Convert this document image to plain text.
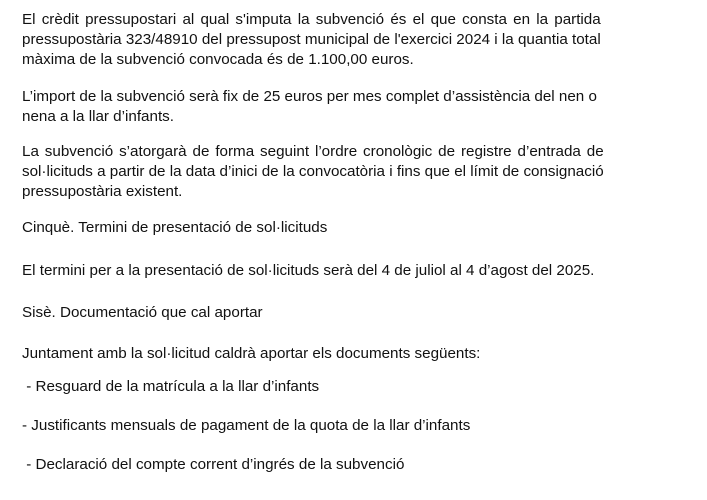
El crèdit pressupostari al qual s'imputa la subvenció és el que consta en la partida
pressupostària 323/48910 del pressupost municipal de l'exercici 2024 i la quantia total
màxima de la subvenció convocada és de 1.100,00 euros.

L’import de la subvenció serà fix de 25 euros per mes complet d’assistència del nen o
nena a la llar d’infants.

La subvenció s’atorgarà de forma seguint l’ordre cronològic de registre d’entrada de
sol·licituds a partir de la data d’inici de la convocatòria i fins que el límit de consignació
pressupostària existent.

Cinquè. Termini de presentació de sol·licituds

El termini per a la presentació de sol·licituds serà del 4 de juliol al 4 d’agost del 2025.

Sisè. Documentació que cal aportar

Juntament amb la sol·licitud caldrà aportar els documents següents:

- Resguard de la matrícula a la llar d’infants

- Justificants mensuals de pagament de la quota de la llar d’infants

- Declaració del compte corrent d’ingrés de la subvenció
